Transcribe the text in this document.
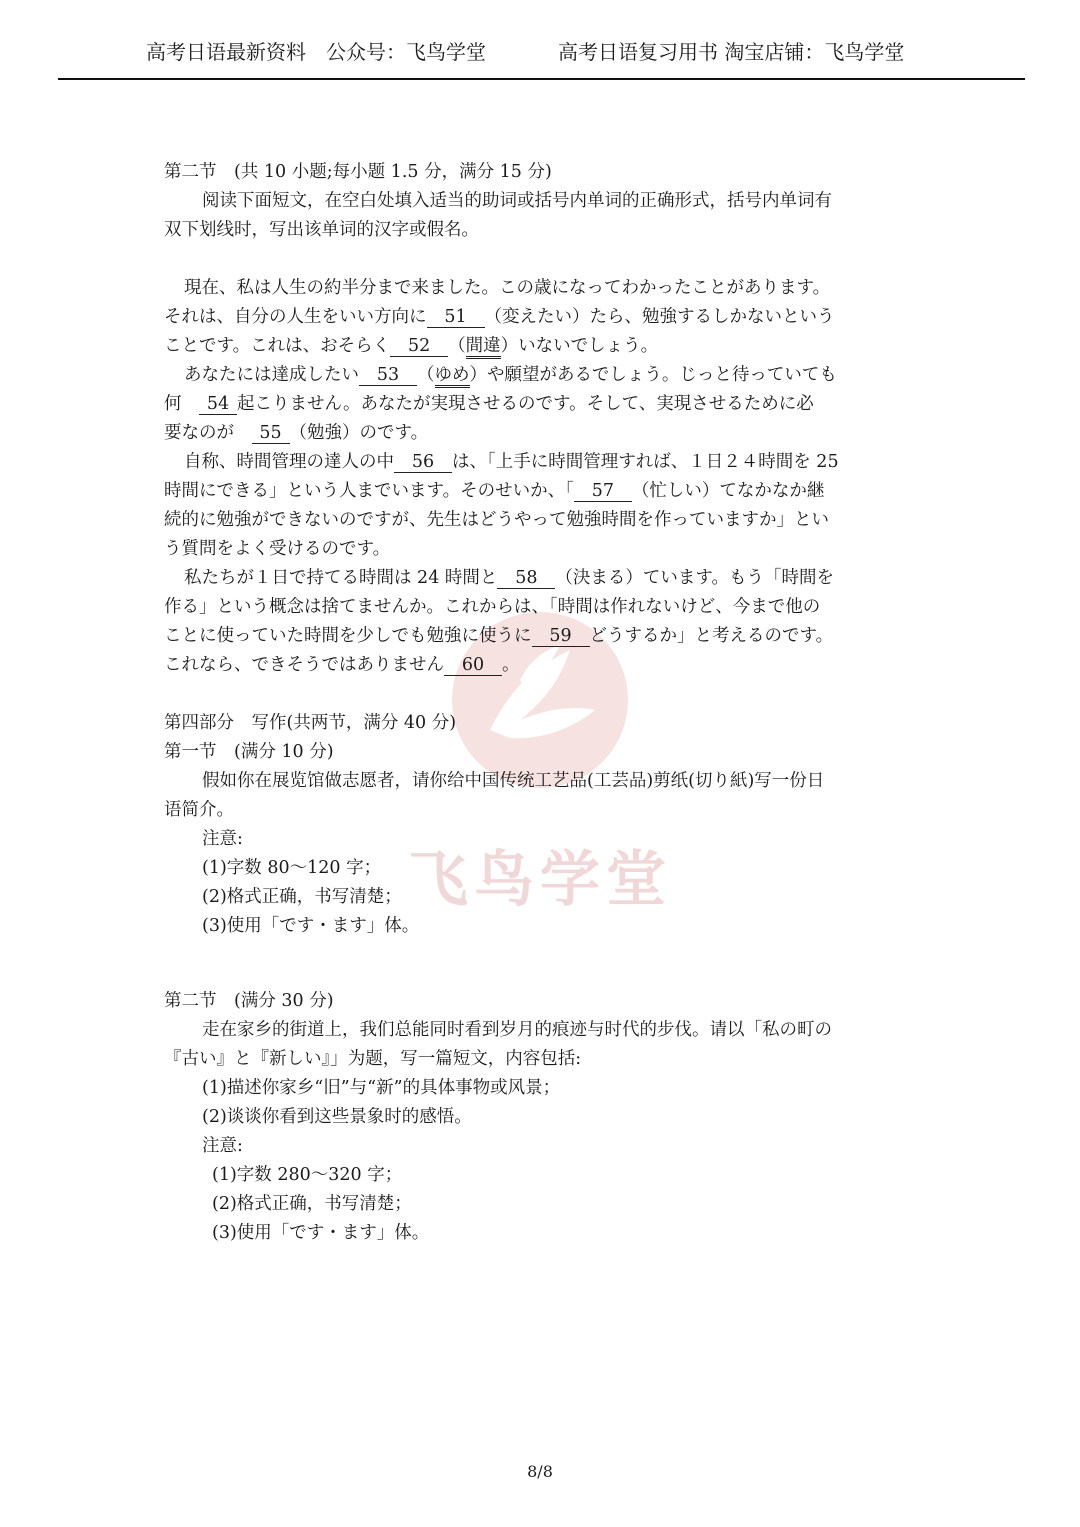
高考日语最新资料　公众号：飞鸟学堂	高考日语复习用书 淘宝店铺：飞鸟学堂
飞鸟学堂
第二节　(共 10 小题;每小题 1.5 分，满分 15 分)
阅读下面短文，在空白处填入适当的助词或括号内单词的正确形式，括号内单词有
双下划线时，写出该单词的汉字或假名。
現在、私は人生の約半分まで来ました。この歳になってわかったことがあります。
それは、自分の人生をいい方向に 51 （変えたい）たら、勉強するしかないという
ことです。これは、おそらく 52 （間違）いないでしょう。
あなたには達成したい 53 （ゆめ）や願望があるでしょう。じっと待っていても
何　54 起こりません。あなたが実現させるのです。そして、実現させるために必
要なのが　55 （勉強）のです。
自称、時間管理の達人の中 56 は、「上手に時間管理すれば、１日２４時間を 25
時間にできる」という人までいます。そのせいか、「 57 （忙しい）てなかなか継
続的に勉強ができないのですが、先生はどうやって勉強時間を作っていますか」とい
う質問をよく受けるのです。
私たちが１日で持てる時間は 24 時間と 58 （決まる）ています。もう「時間を
作る」という概念は捨てませんか。これからは、「時間は作れないけど、今まで他の
ことに使っていた時間を少しでも勉強に使うに 59 どうするか」と考えるのです。
これなら、できそうではありません 60 。
第四部分　写作(共两节，满分 40 分)
第一节　(满分 10 分)
假如你在展览馆做志愿者，请你给中国传统工艺品(工芸品)剪纸(切り紙)写一份日
语简介。
注意:
(1)字数 80～120 字；
(2)格式正确，书写清楚；
(3)使用「です・ます」体。
第二节　(满分 30 分)
走在家乡的街道上，我们总能同时看到岁月的痕迹与时代的步伐。请以「私の町の
『古い』と『新しい』」为题，写一篇短文，内容包括:
(1)描述你家乡“旧”与“新”的具体事物或风景；
(2)谈谈你看到这些景象时的感悟。
注意:
(1)字数 280～320 字；
(2)格式正确，书写清楚；
(3)使用「です・ます」体。
8/8
